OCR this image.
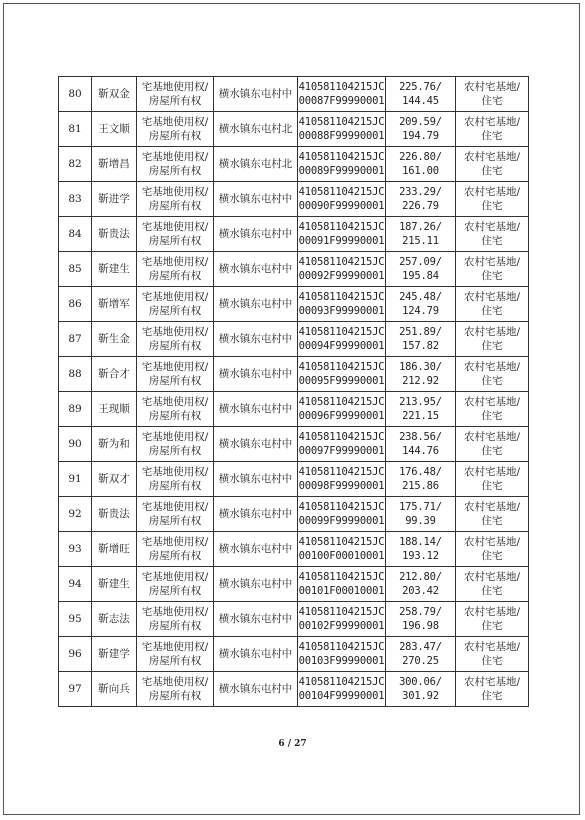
80	靳双金	宅基地使用权/
房屋所有权	横水镇东屯村中	410581104215JC
00087F99990001	225.76/
144.45	农村宅基地/
住宅

81	王文顺	宅基地使用权/
房屋所有权	横水镇东屯村北	410581104215JC
00088F99990001	209.59/
194.79	农村宅基地/
住宅

82	靳增昌	宅基地使用权/
房屋所有权	横水镇东屯村北	410581104215JC
00089F99990001	226.80/
161.00	农村宅基地/
住宅

83	靳进学	宅基地使用权/
房屋所有权	横水镇东屯村中	410581104215JC
00090F99990001	233.29/
226.79	农村宅基地/
住宅

84	靳贵法	宅基地使用权/
房屋所有权	横水镇东屯村中	410581104215JC
00091F99990001	187.26/
215.11	农村宅基地/
住宅

85	靳建生	宅基地使用权/
房屋所有权	横水镇东屯村中	410581104215JC
00092F99990001	257.09/
195.84	农村宅基地/
住宅

86	靳增军	宅基地使用权/
房屋所有权	横水镇东屯村中	410581104215JC
00093F99990001	245.48/
124.79	农村宅基地/
住宅

87	靳生金	宅基地使用权/
房屋所有权	横水镇东屯村中	410581104215JC
00094F99990001	251.89/
157.82	农村宅基地/
住宅

88	靳合才	宅基地使用权/
房屋所有权	横水镇东屯村中	410581104215JC
00095F99990001	186.30/
212.92	农村宅基地/
住宅

89	王现顺	宅基地使用权/
房屋所有权	横水镇东屯村中	410581104215JC
00096F99990001	213.95/
221.15	农村宅基地/
住宅

90	靳为和	宅基地使用权/
房屋所有权	横水镇东屯村中	410581104215JC
00097F99990001	238.56/
144.76	农村宅基地/
住宅

91	靳双才	宅基地使用权/
房屋所有权	横水镇东屯村中	410581104215JC
00098F99990001	176.48/
215.86	农村宅基地/
住宅

92	靳贵法	宅基地使用权/
房屋所有权	横水镇东屯村中	410581104215JC
00099F99990001	175.71/
99.39	农村宅基地/
住宅

93	靳增旺	宅基地使用权/
房屋所有权	横水镇东屯村中	410581104215JC
00100F00010001	188.14/
193.12	农村宅基地/
住宅

94	靳建生	宅基地使用权/
房屋所有权	横水镇东屯村中	410581104215JC
00101F00010001	212.80/
203.42	农村宅基地/
住宅

95	靳志法	宅基地使用权/
房屋所有权	横水镇东屯村中	410581104215JC
00102F99990001	258.79/
196.98	农村宅基地/
住宅

96	靳建学	宅基地使用权/
房屋所有权	横水镇东屯村中	410581104215JC
00103F99990001	283.47/
270.25	农村宅基地/
住宅

97	靳向兵	宅基地使用权/
房屋所有权	横水镇东屯村中	410581104215JC
00104F99990001	300.06/
301.92	农村宅基地/
住宅
6 / 27
